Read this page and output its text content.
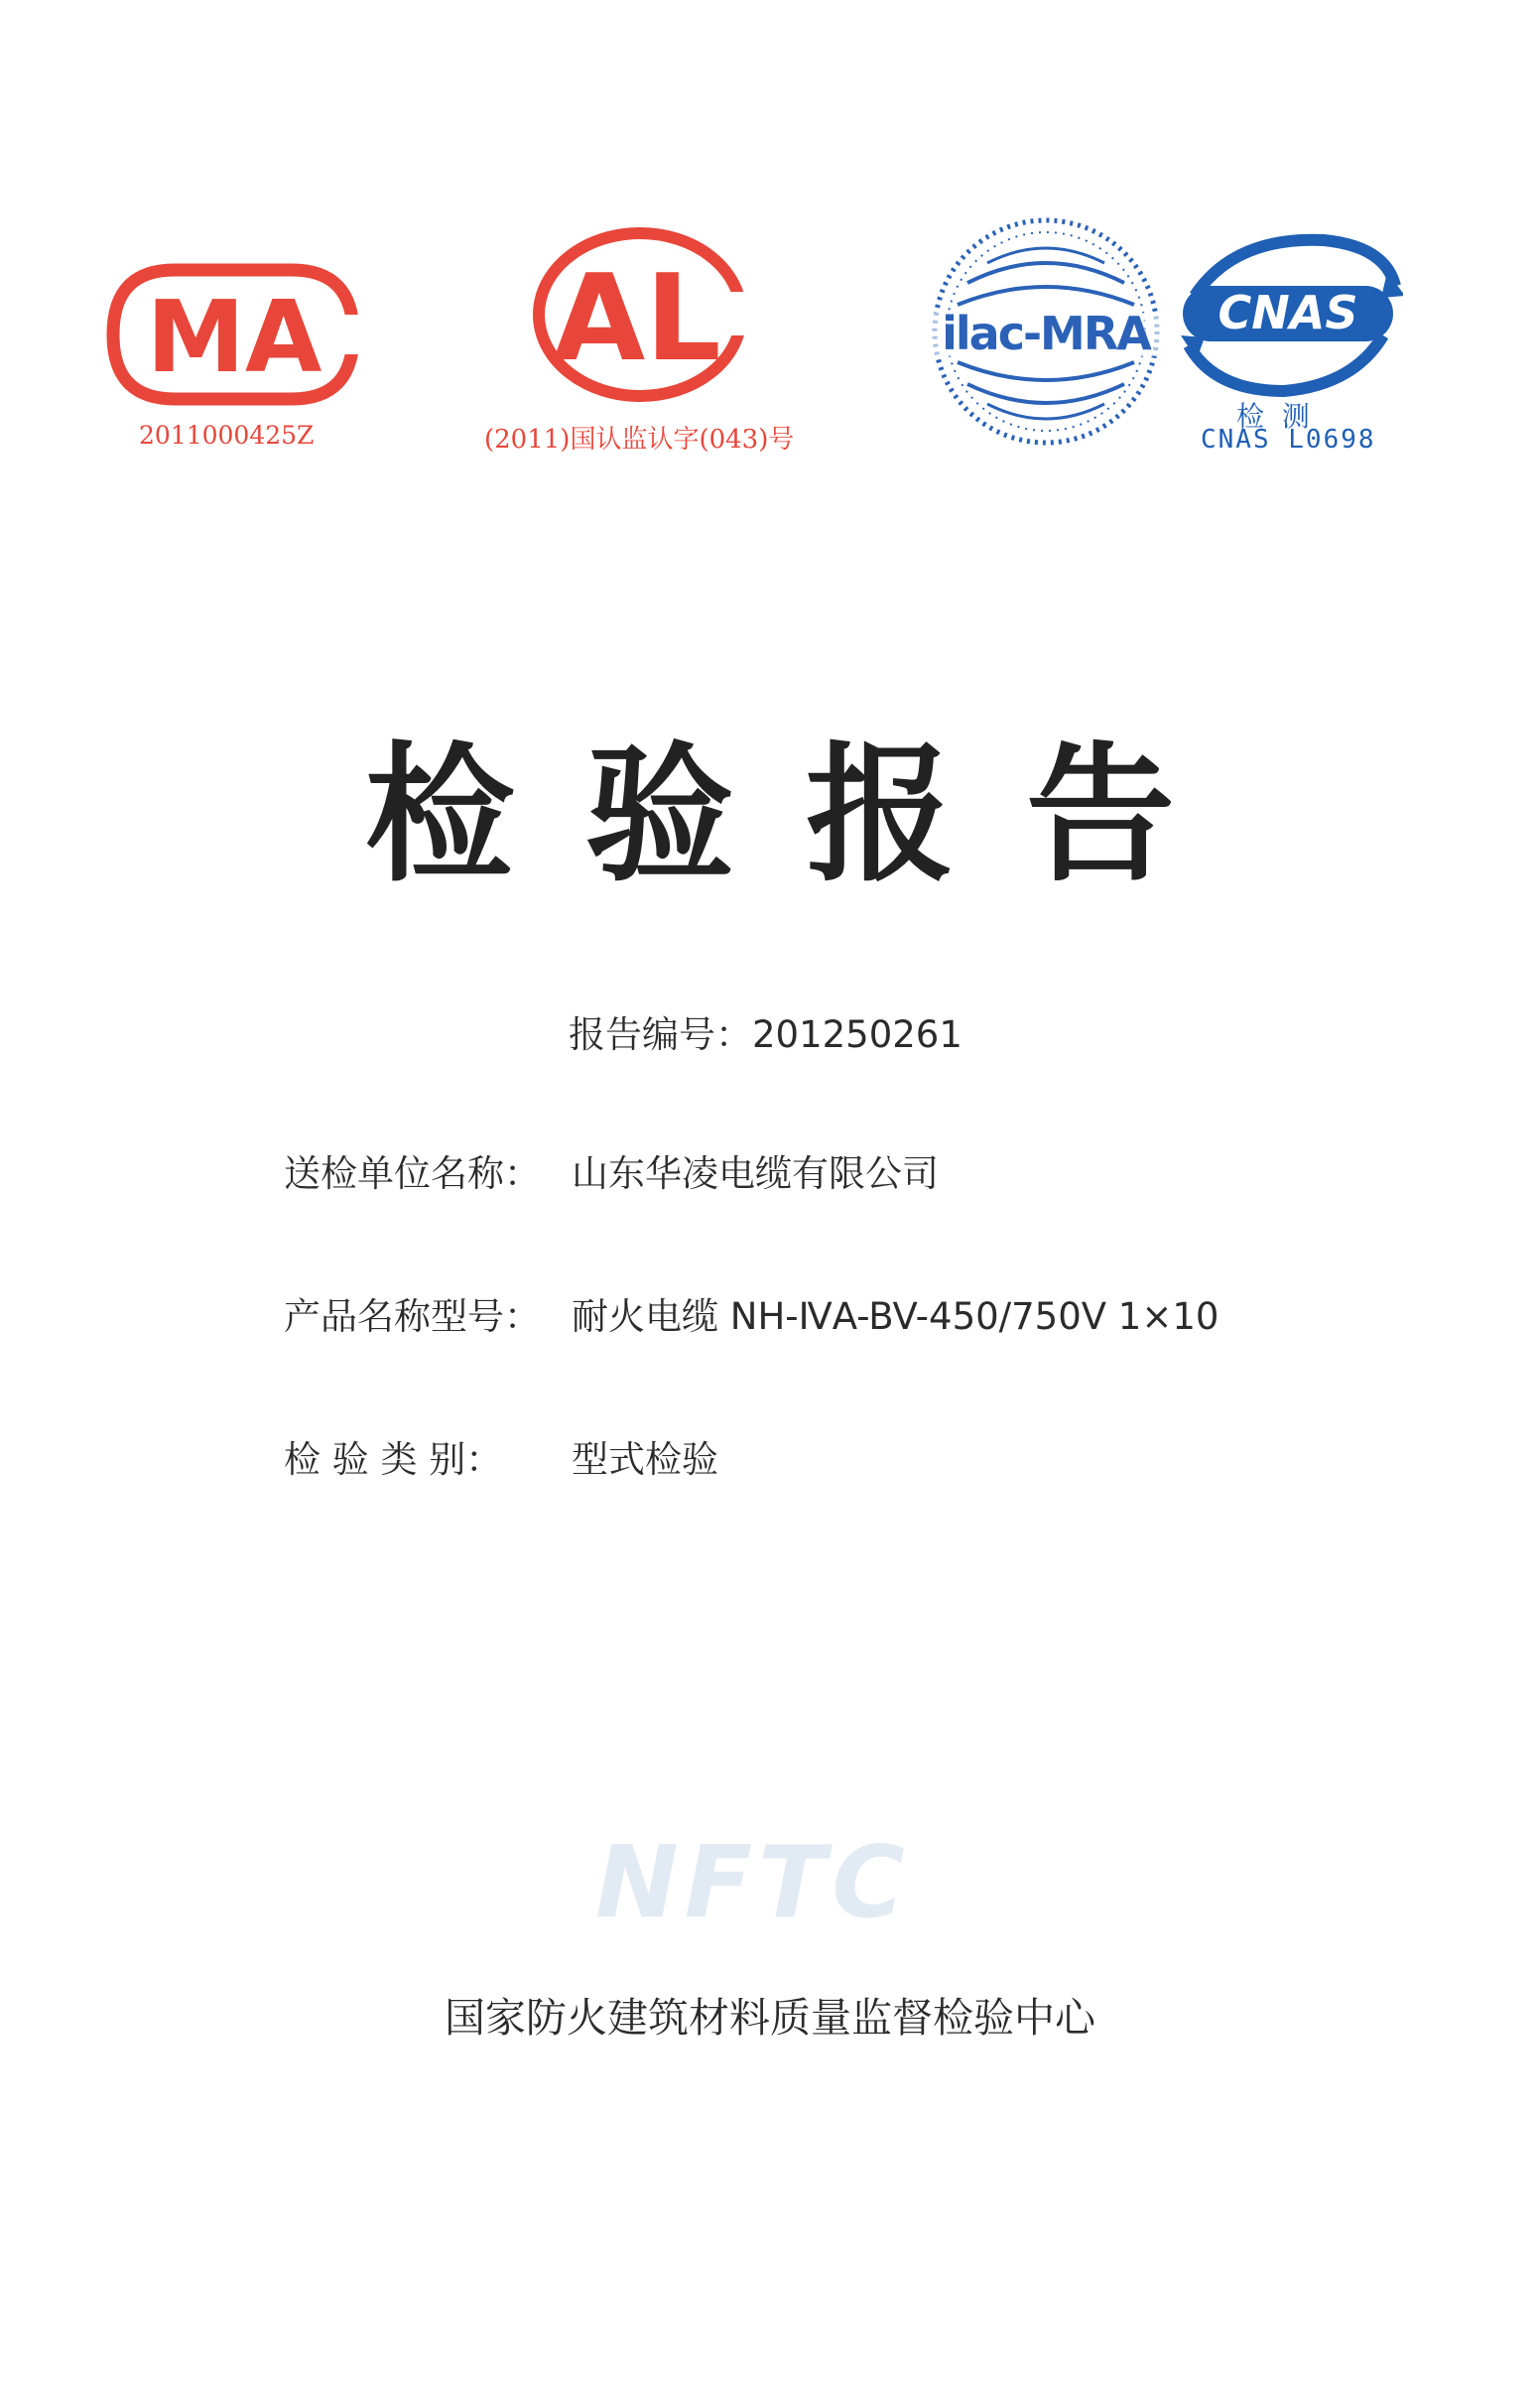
MA
2011000425Z
AL
(2011)国认监认字(043)号
ilac-MRA CNAS
检  测
CNAS L0698
检验报告
报告编号：201250261
送检单位名称： 山东华凌电缆有限公司
产品名称型号： 耐火电缆 NH-ⅣA-BV-450/750V 1×10
检 验 类 别： 型式检验
NFTC
国家防火建筑材料质量监督检验中心
